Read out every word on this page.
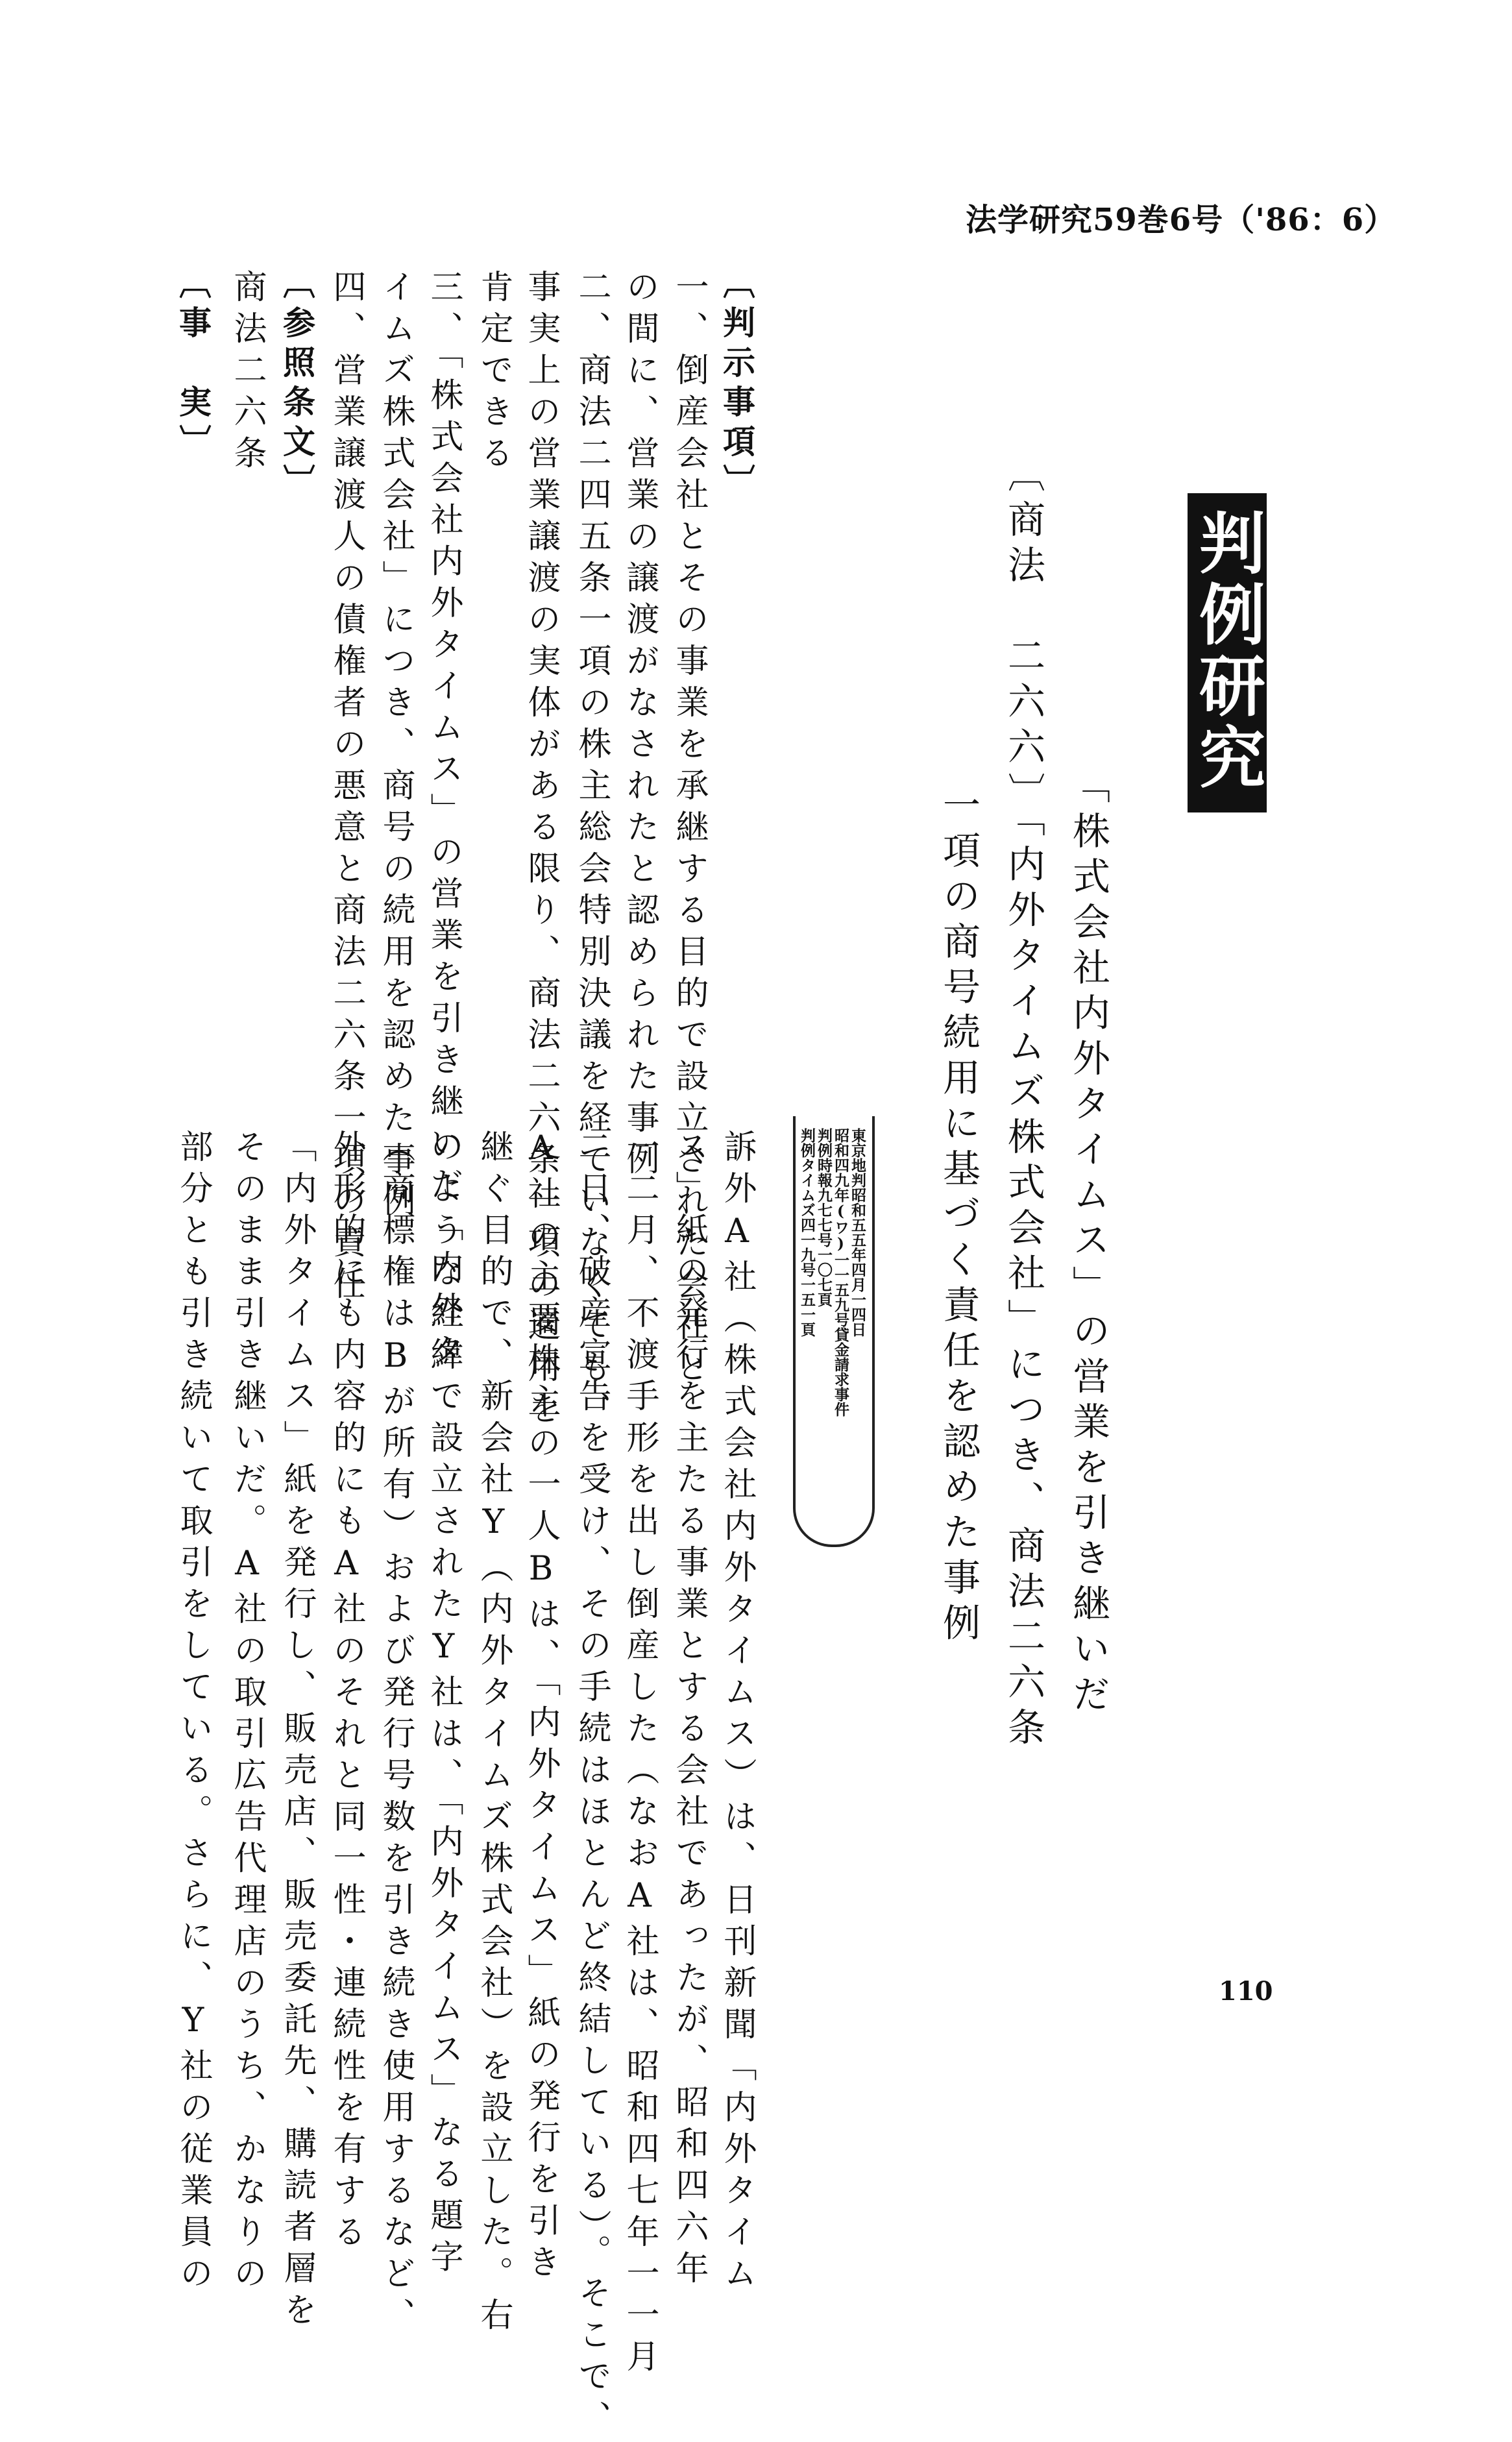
法学研究59巻6号（'86：6）
判例研究
「株式会社内外タイムス」の営業を引き継いだ
〔商法　二六六〕「内外タイムズ株式会社」につき、商法二六条
一項の商号続用に基づく責任を認めた事例
東京地判昭和五五年四月一四日
昭和四九年(ワ)一一五九号貸金請求事件
判例時報九七七号一〇七頁
判例タイムズ四一九号一五一頁
〔判示事項〕
一、倒産会社とその事業を承継する目的で設立された会社と
の間に、営業の譲渡がなされたと認められた事例
二、商法二四五条一項の株主総会特別決議を経ていなくても、
事実上の営業譲渡の実体がある限り、商法二六条一項の適用を
肯定できる
三、「株式会社内外タイムス」の営業を引き継いだ「内外タ
イムズ株式会社」につき、商号の続用を認めた事例
〔参照条文〕 四、営業譲渡人の債権者の悪意と商法二六条一項の責任
商法二六条
〔事　実〕
訴外A社（株式会社内外タイムス）は、日刊新聞「内外タイム
ス」紙の発行を主たる事業とする会社であったが、昭和四六年
一二月、不渡手形を出し倒産した（なおA社は、昭和四七年一一月
二日、破産宣告を受け、その手続はほとんど終結している）。そこで、
A社の主要株主の一人Bは、「内外タイムス」紙の発行を引き
継ぐ目的で、新会社Y（内外タイムズ株式会社）を設立した。右
のような経緯で設立されたY社は、「内外タイムス」なる題字
（商標権はBが所有）および発行号数を引き続き使用するなど、
外形的にも内容的にもA社のそれと同一性・連続性を有する
「内外タイムス」紙を発行し、販売店、販売委託先、購読者層を
そのまま引き継いだ。A社の取引広告代理店のうち、かなりの
部分とも引き続いて取引をしている。さらに、Y社の従業員の	110
